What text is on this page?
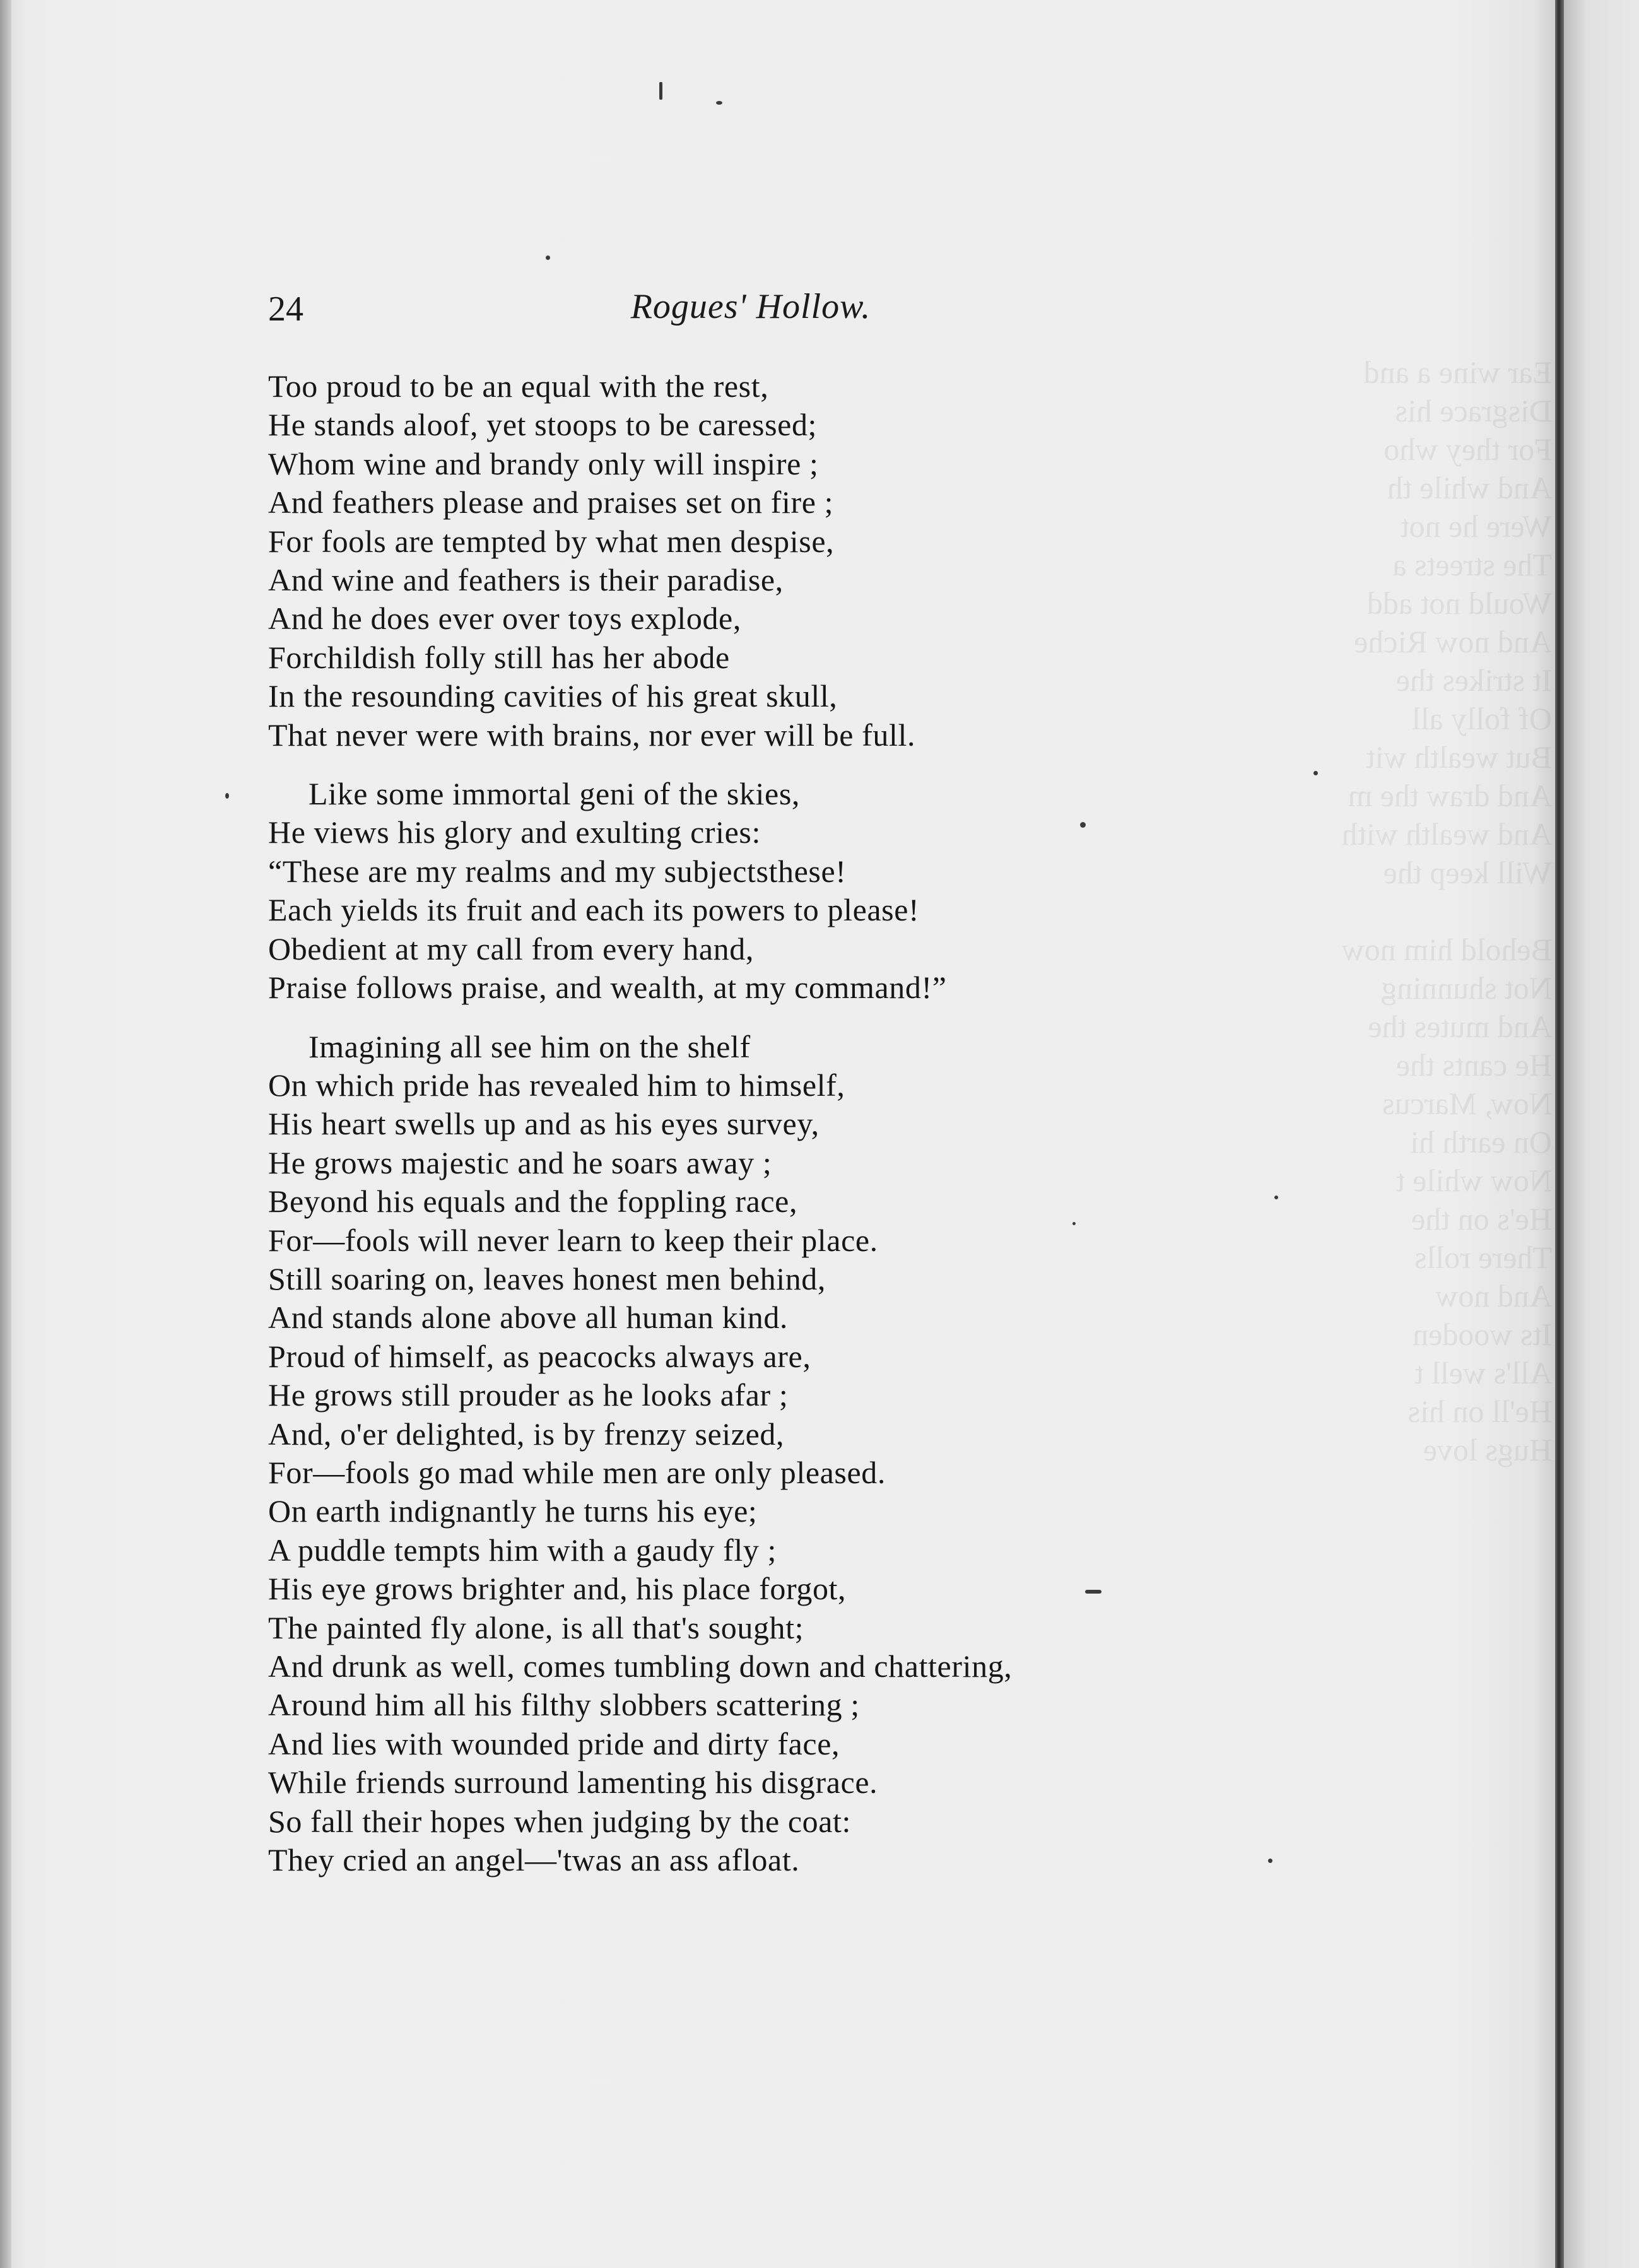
Ear wine a and
Disgrace his
For they who
And while th
Were he not
The streets a
Would not add
And now Riche
It strikes the
Of folly all
But wealth wit
And draw the m
And wealth with
Will keep the

Behold him now
Not shunning
And mutes the
He cants the
Now, Marcus
On earth hi
Now while t
He's on the
There rolls
And now
Its wooden
All's well t
He'll on his
Hugs love
24	Rogues' Hollow.
Too proud to be an equal with the rest,
He stands aloof, yet stoops to be caressed;
Whom wine and brandy only will inspire ;
And feathers please and praises set on fire ;
For fools are tempted by what men despise,
And wine and feathers is their paradise,
And he does ever over toys explode,
Forchildish folly still has her abode
In the resounding cavities of his great skull,
That never were with brains, nor ever will be full.
Like some immortal geni of the skies,
He views his glory and exulting cries:
“These are my realms and my subjectsthese!
Each yields its fruit and each its powers to please!
Obedient at my call from every hand,
Praise follows praise, and wealth, at my command!”
Imagining all see him on the shelf
On which pride has revealed him to himself,
His heart swells up and as his eyes survey,
He grows majestic and he soars away ;
Beyond his equals and the foppling race,
For—fools will never learn to keep their place.
Still soaring on, leaves honest men behind,
And stands alone above all human kind.
Proud of himself, as peacocks always are,
He grows still prouder as he looks afar ;
And, o'er delighted, is by frenzy seized,
For—fools go mad while men are only pleased.
On earth indignantly he turns his eye;
A puddle tempts him with a gaudy fly ;
His eye grows brighter and, his place forgot,
The painted fly alone, is all that's sought;
And drunk as well, comes tumbling down and chattering,
Around him all his filthy slobbers scattering ;
And lies with wounded pride and dirty face,
While friends surround lamenting his disgrace.
So fall their hopes when judging by the coat:
They cried an angel—'twas an ass afloat.
